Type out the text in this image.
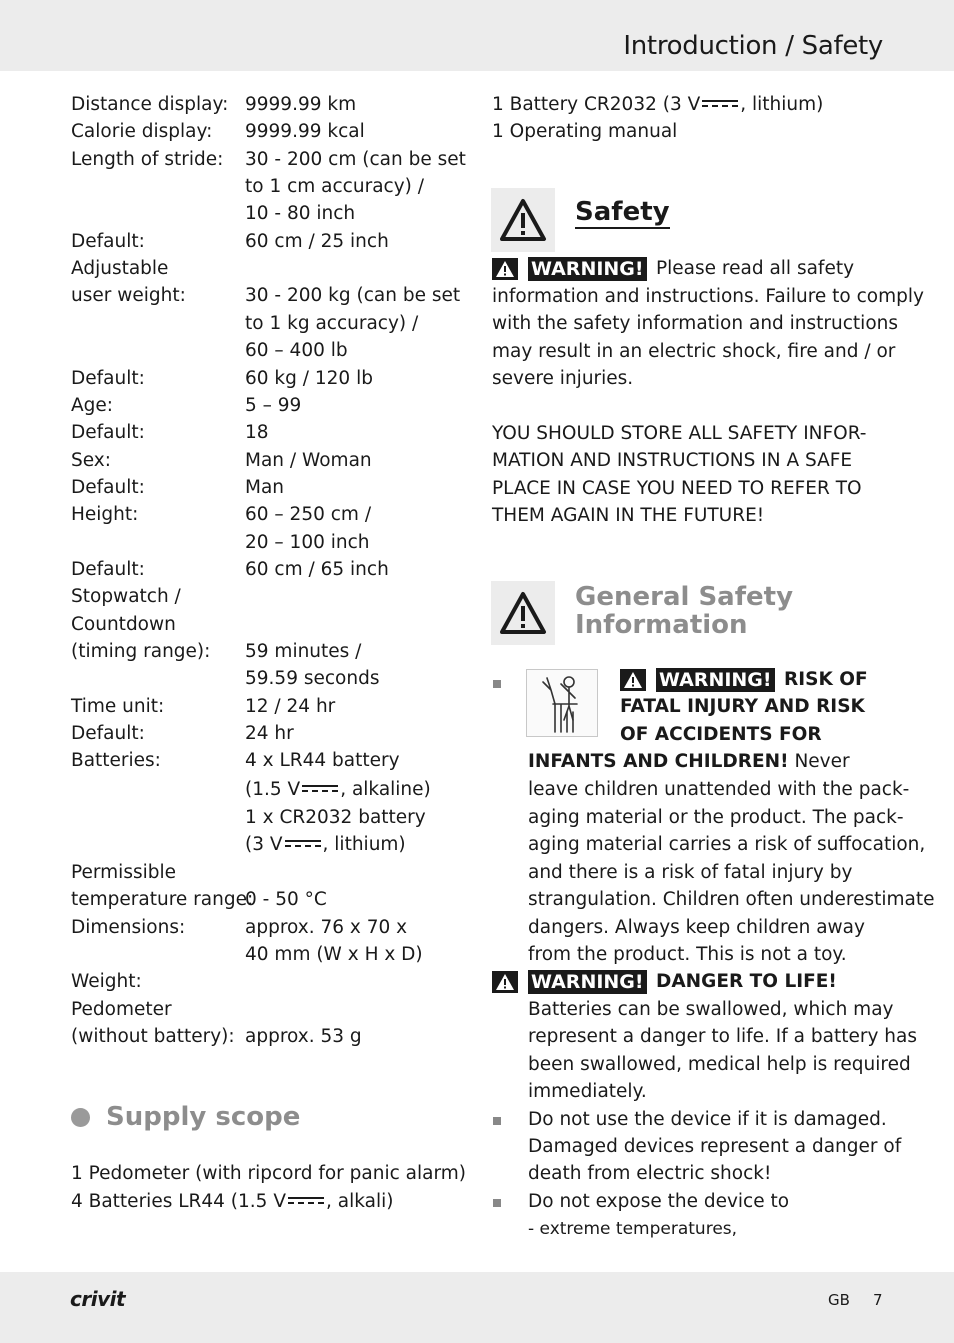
Introduction / Safety
Distance display: 9999.99 km
Calorie display: 9999.99 kcal
Length of stride: 30 - 200 cm (can be set
to 1 cm accuracy) /
10 - 80 inch
Default:	60 cm / 25 inch
Adjustable
user weight:	30 - 200 kg (can be set
to 1 kg accuracy) /
60 – 400 lb
Default:	60 kg / 120 lb
Age:	5 – 99
Default:	18
Sex:	Man / Woman
Default:	Man
Height:	60 – 250 cm /
20 – 100 inch
Default:	60 cm / 65 inch
Stopwatch /
Countdown
(timing range): 59 minutes /
59.59 seconds
Time unit:	12 / 24 hr
Default:	24 hr
Batteries:	4 x LR44 battery
(1.5 V , alkaline)
1 x CR2032 battery
(3 V , lithium)
Permissible
temperature range:
0 - 50 °C
Dimensions:	approx. 76 x 70 x
40 mm (W x H x D)
Weight:
Pedometer
(without battery): approx. 53 g
Supply scope
1 Pedometer (with ripcord for panic alarm)
4 Batteries LR44 (1.5 V , alkali)
1 Battery CR2032 (3 V , lithium)
1 Operating manual
Safety
WARNING! Please read all safety
information and instructions. Failure to comply
with the safety information and instructions
may result in an electric shock, fire and / or
severe injuries.
YOU SHOULD STORE ALL SAFETY INFOR-
MATION AND INSTRUCTIONS IN A SAFE
PLACE IN CASE YOU NEED TO REFER TO
THEM AGAIN IN THE FUTURE!
General Safety
Information
WARNING! RISK OF
FATAL INJURY AND RISK
OF ACCIDENTS FOR
INFANTS AND CHILDREN! Never
leave children unattended with the pack-
aging material or the product. The pack-
aging material carries a risk of suffocation,
and there is a risk of fatal injury by
strangulation. Children often underestimate
dangers. Always keep children away
from the product. This is not a toy.
WARNING! DANGER TO LIFE!
Batteries can be swallowed, which may
represent a danger to life. If a battery has
been swallowed, medical help is required
immediately.
Do not use the device if it is damaged.
Damaged devices represent a danger of
death from electric shock!
Do not expose the device to
- extreme temperatures,
crivit	GB 7
